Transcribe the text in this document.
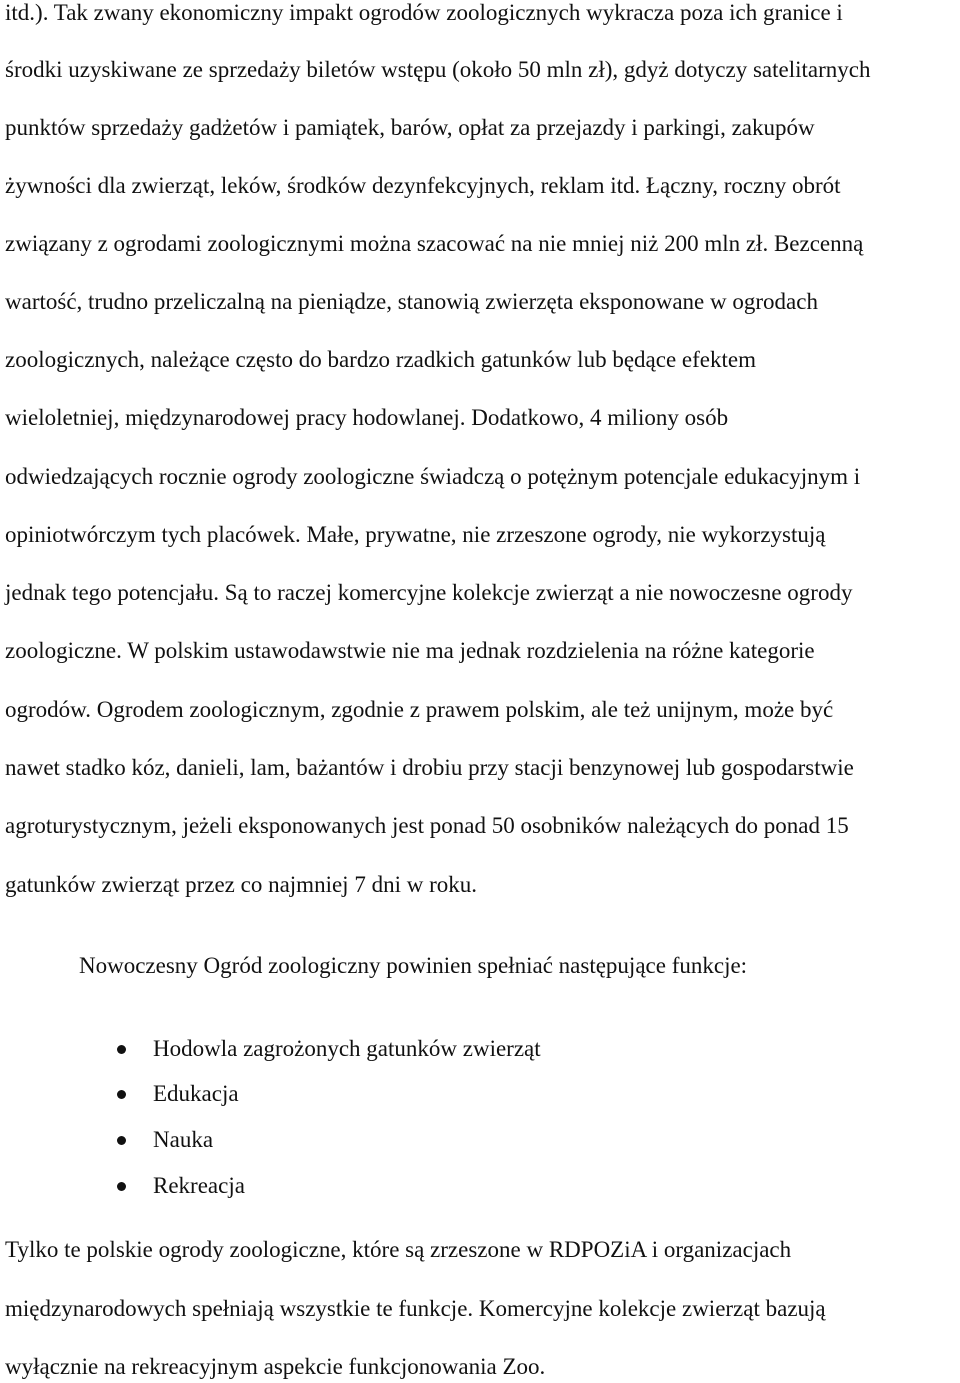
itd.). Tak zwany ekonomiczny impakt ogrodów zoologicznych wykracza poza ich granice i
środki uzyskiwane ze sprzedaży biletów wstępu (około 50 mln zł), gdyż dotyczy satelitarnych
punktów sprzedaży gadżetów i pamiątek, barów, opłat za przejazdy i parkingi, zakupów
żywności dla zwierząt, leków, środków dezynfekcyjnych, reklam itd. Łączny, roczny obrót
związany z ogrodami zoologicznymi można szacować na nie mniej niż 200 mln zł. Bezcenną
wartość, trudno przeliczalną na pieniądze, stanowią zwierzęta eksponowane w ogrodach
zoologicznych, należące często do bardzo rzadkich gatunków lub będące efektem
wieloletniej, międzynarodowej pracy hodowlanej. Dodatkowo, 4 miliony osób
odwiedzających rocznie ogrody zoologiczne świadczą o potężnym potencjale edukacyjnym i
opiniotwórczym tych placówek. Małe, prywatne, nie zrzeszone ogrody, nie wykorzystują
jednak tego potencjału. Są to raczej komercyjne kolekcje zwierząt a nie nowoczesne ogrody
zoologiczne. W polskim ustawodawstwie nie ma jednak rozdzielenia na różne kategorie
ogrodów. Ogrodem zoologicznym, zgodnie z prawem polskim, ale też unijnym, może być
nawet stadko kóz, danieli, lam, bażantów i drobiu przy stacji benzynowej lub gospodarstwie
agroturystycznym, jeżeli eksponowanych jest ponad 50 osobników należących do ponad 15
gatunków zwierząt przez co najmniej 7 dni w roku.
Nowoczesny Ogród zoologiczny powinien spełniać następujące funkcje:
Hodowla zagrożonych gatunków zwierząt
Edukacja
Nauka
Rekreacja
Tylko te polskie ogrody zoologiczne, które są zrzeszone w RDPOZiA i organizacjach
międzynarodowych spełniają wszystkie te funkcje. Komercyjne kolekcje zwierząt bazują
wyłącznie na rekreacyjnym aspekcie funkcjonowania Zoo.
